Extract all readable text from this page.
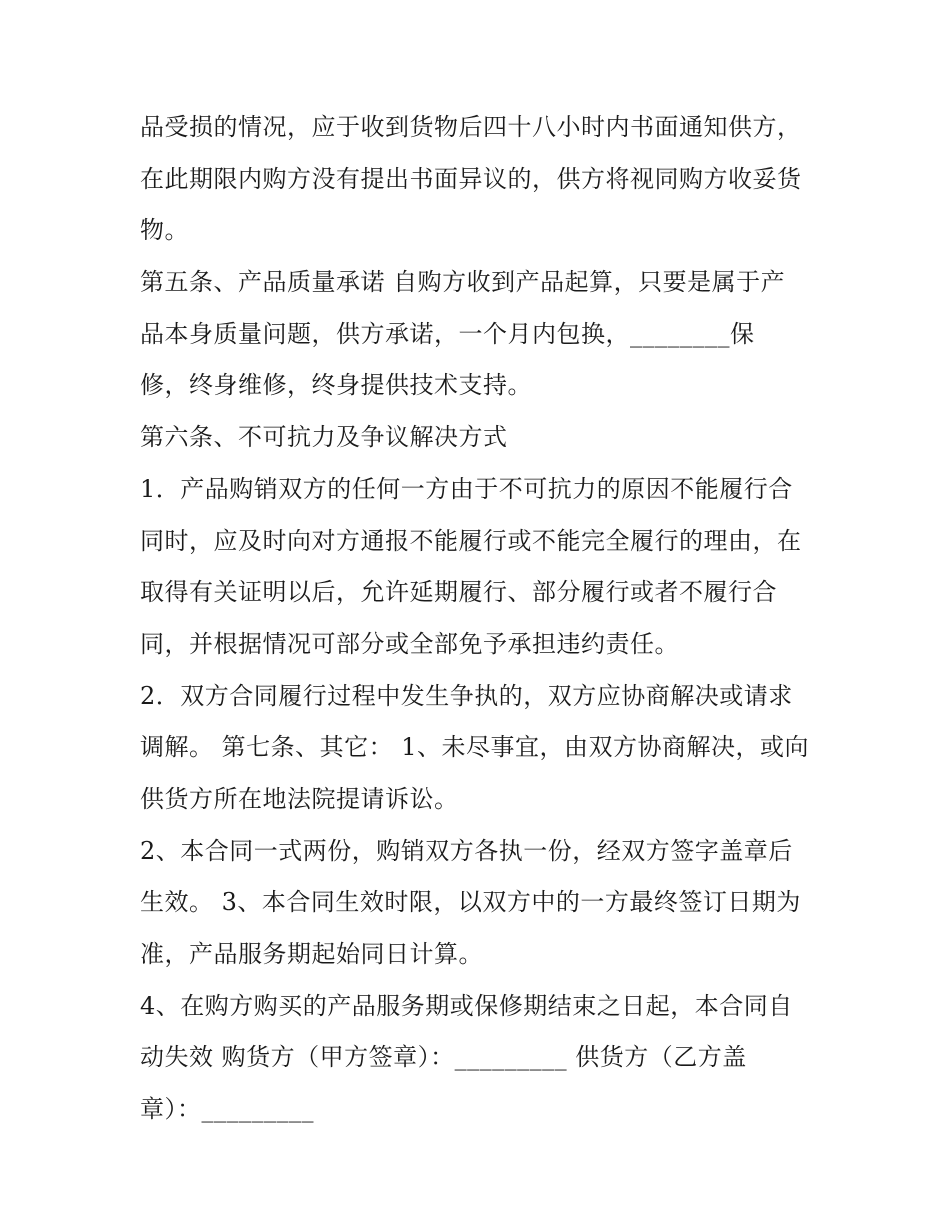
品受损的情况，应于收到货物后四十八小时内书面通知供方，
在此期限内购方没有提出书面异议的，供方将视同购方收妥货
物。
第五条、产品质量承诺 自购方收到产品起算，只要是属于产
品本身质量问题，供方承诺，一个月内包换，________保
修，终身维修，终身提供技术支持。
第六条、不可抗力及争议解决方式
1．产品购销双方的任何一方由于不可抗力的原因不能履行合
同时，应及时向对方通报不能履行或不能完全履行的理由，在
取得有关证明以后，允许延期履行、部分履行或者不履行合
同，并根据情况可部分或全部免予承担违约责任。
2．双方合同履行过程中发生争执的，双方应协商解决或请求
调解。 第七条、其它： 1、未尽事宜，由双方协商解决，或向
供货方所在地法院提请诉讼。
2、本合同一式两份，购销双方各执一份，经双方签字盖章后
生效。 3、本合同生效时限，以双方中的一方最终签订日期为
准，产品服务期起始同日计算。
4、在购方购买的产品服务期或保修期结束之日起，本合同自
动失效 购货方（甲方签章）：_________ 供货方（乙方盖
章）：_________
